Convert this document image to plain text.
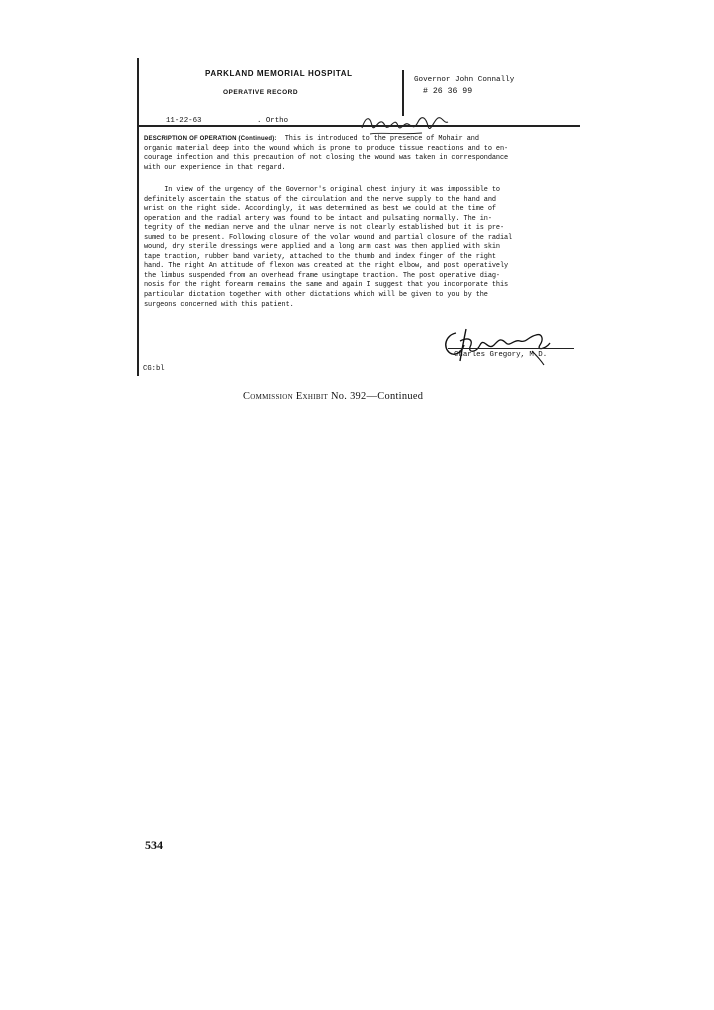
PARKLAND MEMORIAL HOSPITAL
OPERATIVE RECORD
Governor John Connally
# 26 36 99
11-22-63	. Ortho
DESCRIPTION OF OPERATION (Continued): This is introduced to the presence of Mohair and
organic material deep into the wound which is prone to produce tissue reactions and to en-
courage infection and this precaution of not closing the wound was taken in correspondance
with our experience in that regard.
In view of the urgency of the Governor's original chest injury it was impossible to
definitely ascertain the status of the circulation and the nerve supply to the hand and
wrist on the right side. Accordingly, it was determined as best we could at the time of
operation and the radial artery was found to be intact and pulsating normally. The in-
tegrity of the median nerve and the ulnar nerve is not clearly established but it is pre-
sumed to be present. Following closure of the volar wound and partial closure of the radial
wound, dry sterile dressings were applied and a long arm cast was then applied with skin
tape traction, rubber band variety, attached to the thumb and index finger of the right
hand. The right An attitude of flexon was created at the right elbow, and post operatively
the limbus suspended from an overhead frame usingtape traction. The post operative diag-
nosis for the right forearm remains the same and again I suggest that you incorporate this
particular dictation together with other dictations which will be given to you by the
surgeons concerned with this patient.
Charles Gregory, M.D.
CG:bl
Commission Exhibit No. 392—Continued
534
